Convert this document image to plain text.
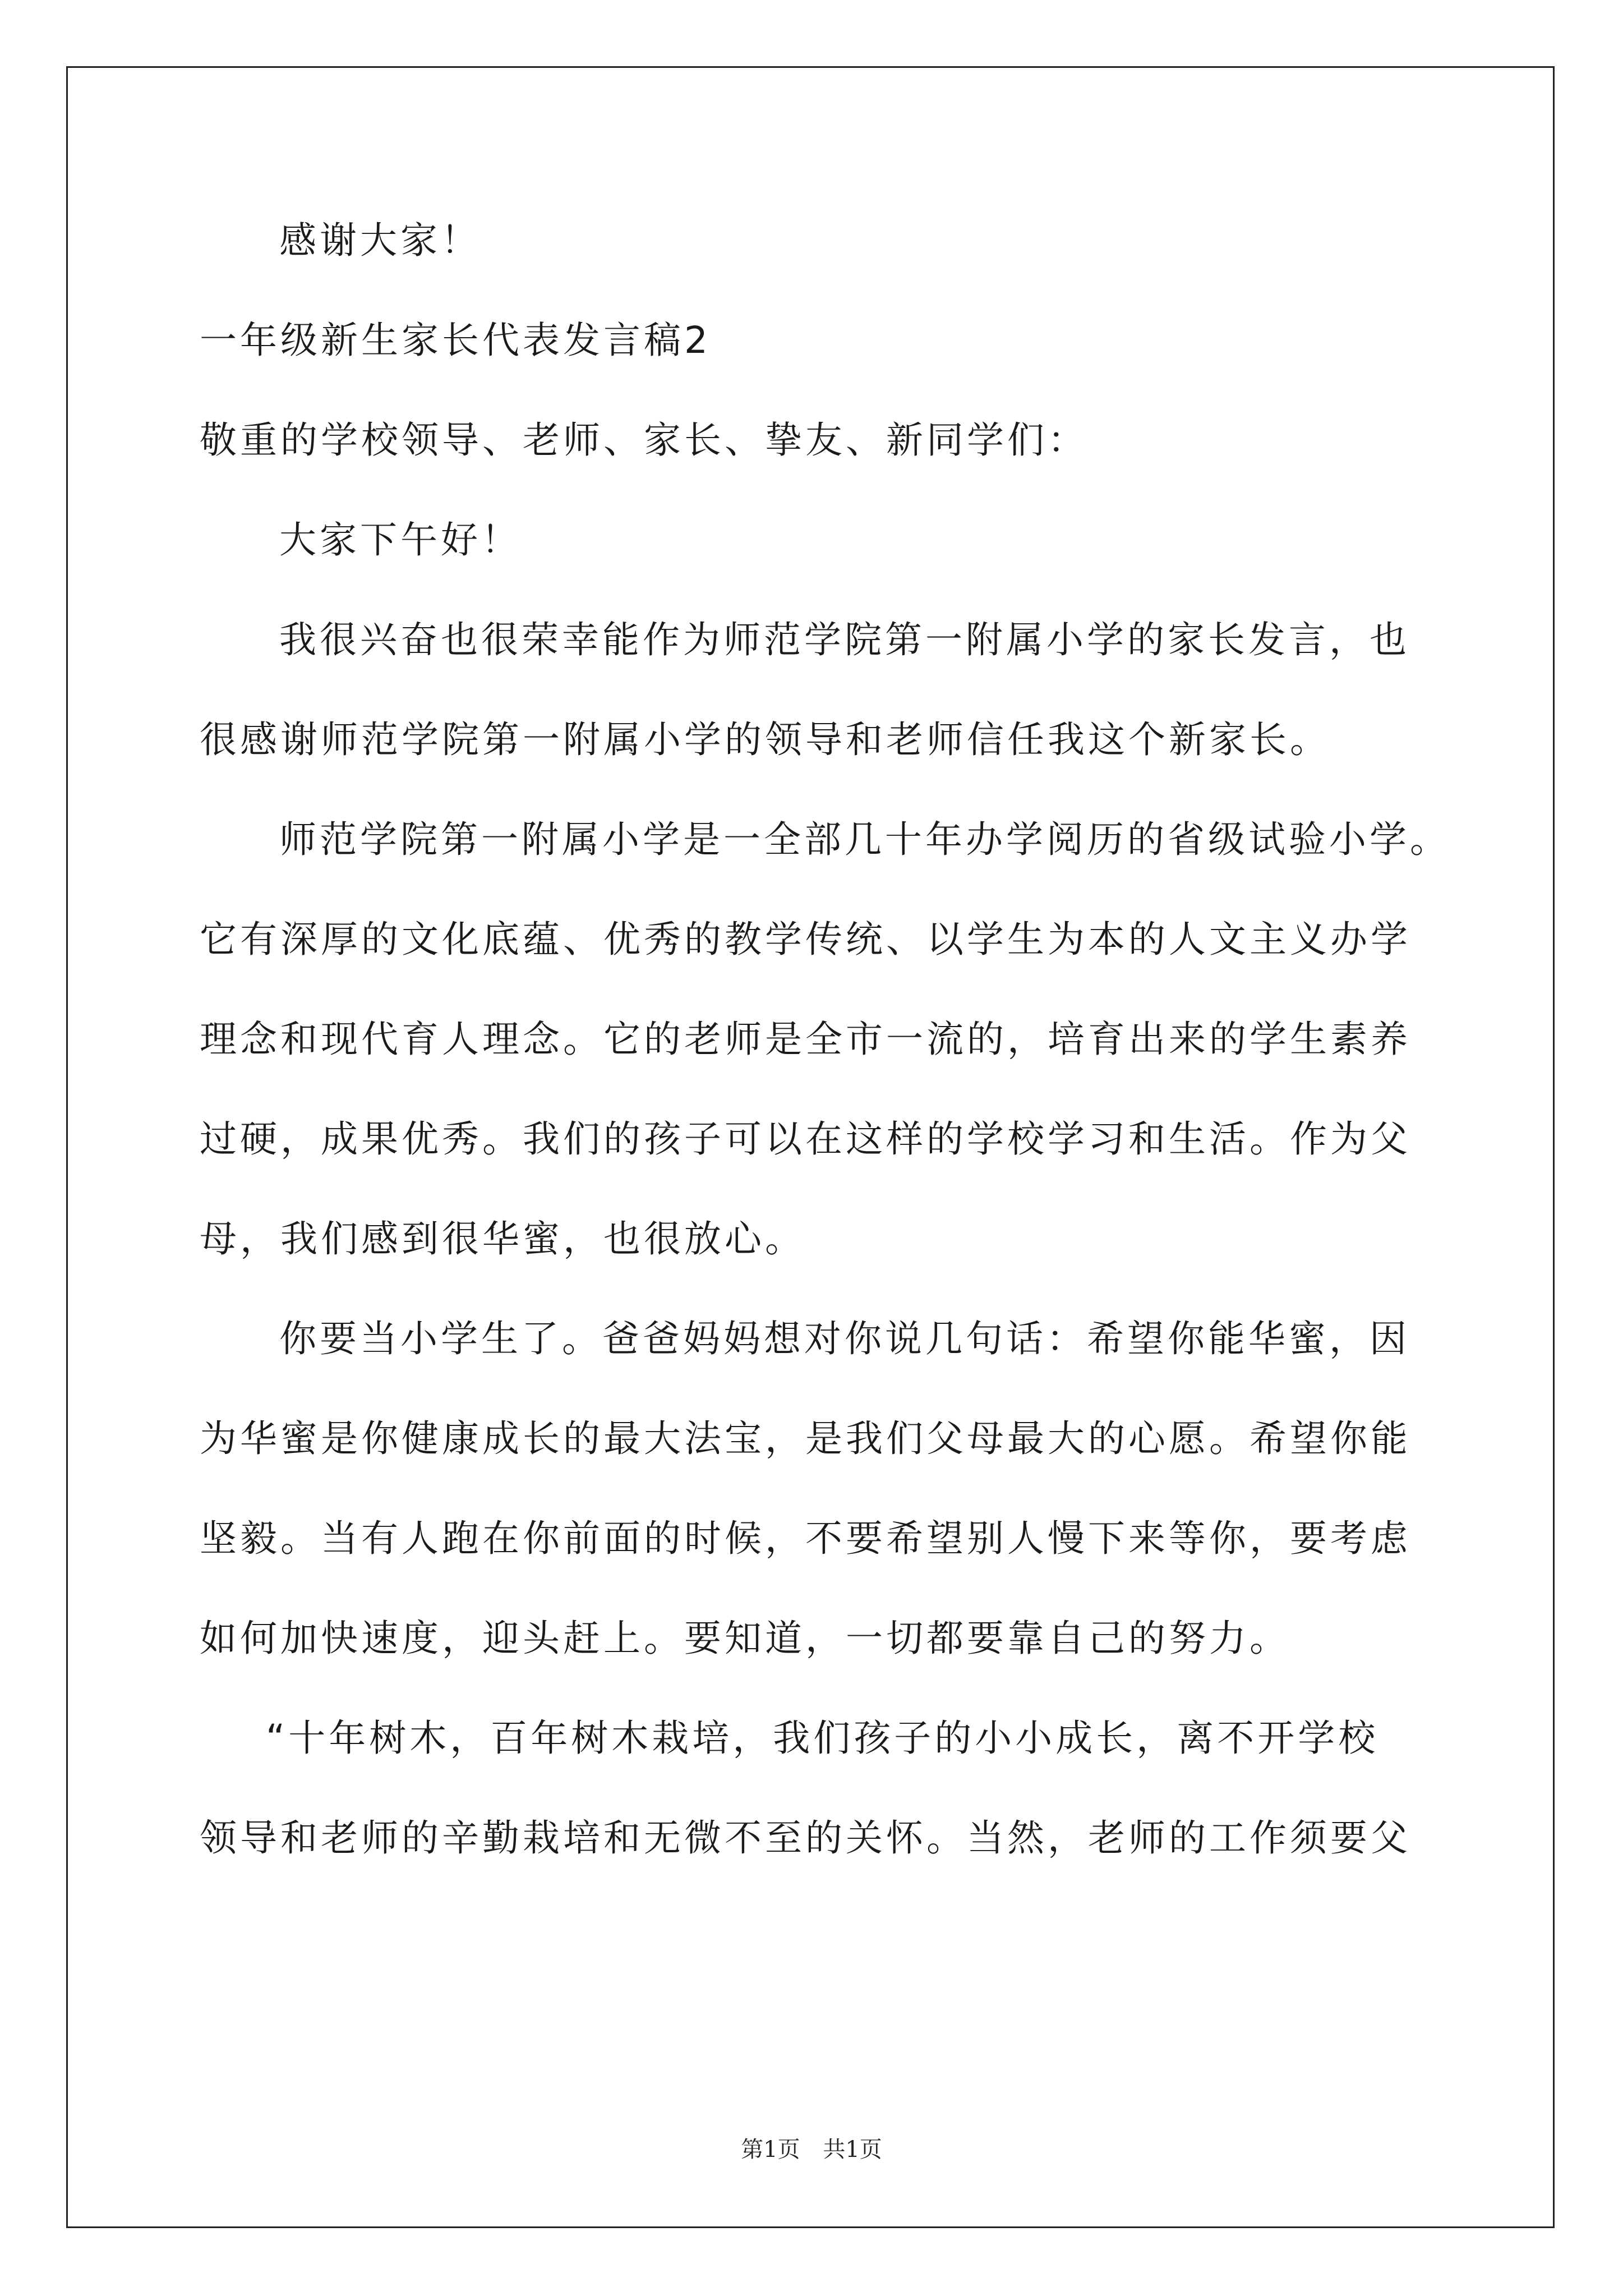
感谢大家！
一年级新生家长代表发言稿2
敬重的学校领导、老师、家长、挚友、新同学们：
大家下午好！
我很兴奋也很荣幸能作为师范学院第一附属小学的家长发言，也
很感谢师范学院第一附属小学的领导和老师信任我这个新家长。
师范学院第一附属小学是一全部几十年办学阅历的省级试验小学。
它有深厚的文化底蕴、优秀的教学传统、以学生为本的人文主义办学
理念和现代育人理念。它的老师是全市一流的，培育出来的学生素养
过硬，成果优秀。我们的孩子可以在这样的学校学习和生活。作为父
母，我们感到很华蜜，也很放心。
你要当小学生了。爸爸妈妈想对你说几句话：希望你能华蜜，因
为华蜜是你健康成长的最大法宝，是我们父母最大的心愿。希望你能
坚毅。当有人跑在你前面的时候，不要希望别人慢下来等你，要考虑
如何加快速度，迎头赶上。要知道，一切都要靠自己的努力。
“十年树木，百年树木栽培，我们孩子的小小成长，离不开学校
领导和老师的辛勤栽培和无微不至的关怀。当然，老师的工作须要父
第1页 共1页
